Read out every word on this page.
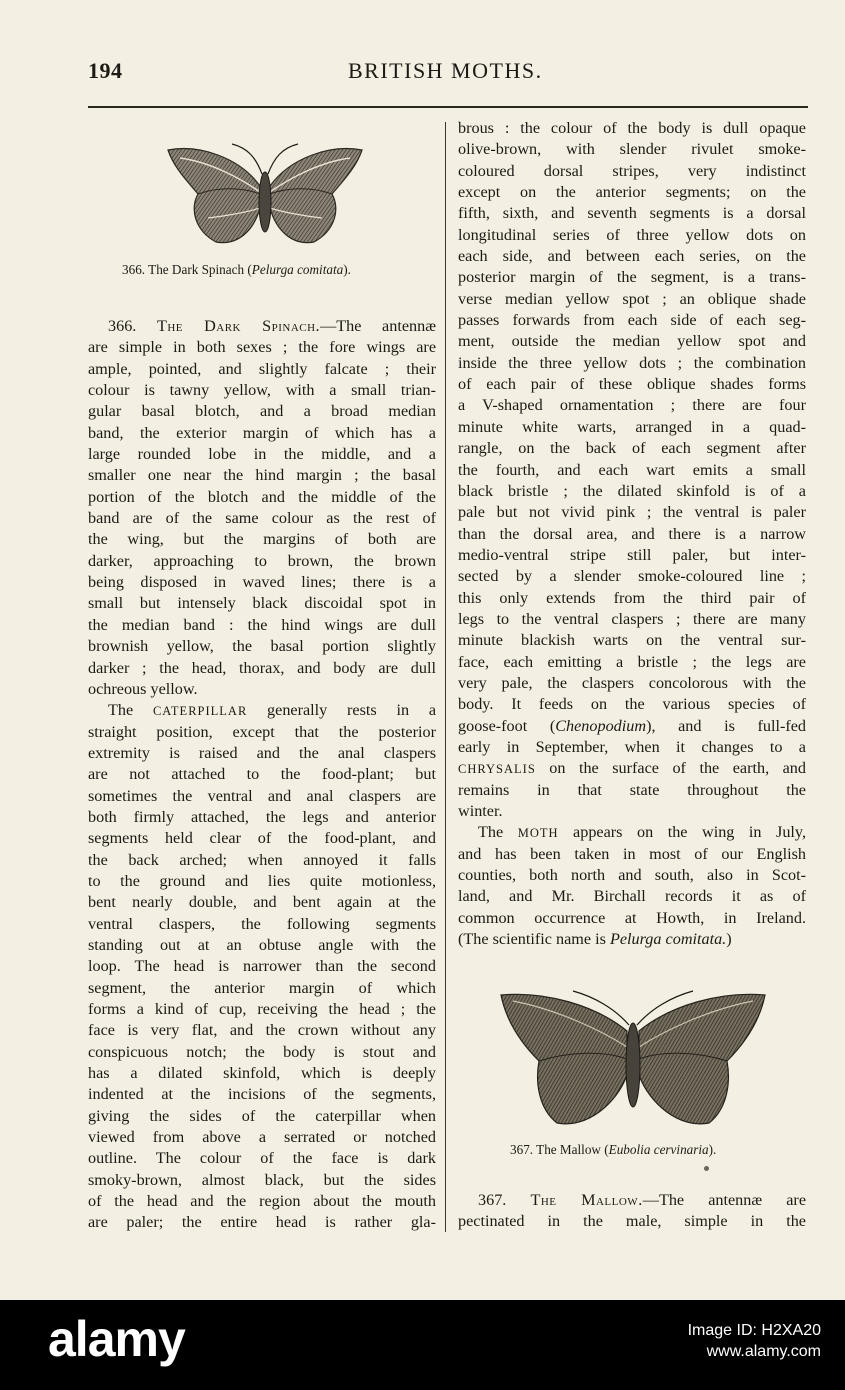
194	BRITISH MOTHS.
366. The Dark Spinach (Pelurga comitata).
366. The Dark Spinach.—The antennæ
are simple in both sexes ; the fore wings are
ample, pointed, and slightly falcate ; their
colour is tawny yellow, with a small trian-
gular basal blotch, and a broad median
band, the exterior margin of which has a
large rounded lobe in the middle, and a
smaller one near the hind margin ; the basal
portion of the blotch and the middle of the
band are of the same colour as the rest of
the wing, but the margins of both are
darker, approaching to brown, the brown
being disposed in waved lines; there is a
small but intensely black discoidal spot in
the median band : the hind wings are dull
brownish yellow, the basal portion slightly
darker ; the head, thorax, and body are dull
ochreous yellow.
The CATERPILLAR generally rests in a
straight position, except that the posterior
extremity is raised and the anal claspers
are not attached to the food-plant; but
sometimes the ventral and anal claspers are
both firmly attached, the legs and anterior
segments held clear of the food-plant, and
the back arched; when annoyed it falls
to the ground and lies quite motionless,
bent nearly double, and bent again at the
ventral claspers, the following segments
standing out at an obtuse angle with the
loop. The head is narrower than the second
segment, the anterior margin of which
forms a kind of cup, receiving the head ; the
face is very flat, and the crown without any
conspicuous notch; the body is stout and
has a dilated skinfold, which is deeply
indented at the incisions of the segments,
giving the sides of the caterpillar when
viewed from above a serrated or notched
outline. The colour of the face is dark
smoky-brown, almost black, but the sides
of the head and the region about the mouth
are paler; the entire head is rather gla-
brous : the colour of the body is dull opaque
olive-brown, with slender rivulet smoke-
coloured dorsal stripes, very indistinct
except on the anterior segments; on the
fifth, sixth, and seventh segments is a dorsal
longitudinal series of three yellow dots on
each side, and between each series, on the
posterior margin of the segment, is a trans-
verse median yellow spot ; an oblique shade
passes forwards from each side of each seg-
ment, outside the median yellow spot and
inside the three yellow dots ; the combination
of each pair of these oblique shades forms
a V-shaped ornamentation ; there are four
minute white warts, arranged in a quad-
rangle, on the back of each segment after
the fourth, and each wart emits a small
black bristle ; the dilated skinfold is of a
pale but not vivid pink ; the ventral is paler
than the dorsal area, and there is a narrow
medio-ventral stripe still paler, but inter-
sected by a slender smoke-coloured line ;
this only extends from the third pair of
legs to the ventral claspers ; there are many
minute blackish warts on the ventral sur-
face, each emitting a bristle ; the legs are
very pale, the claspers concolorous with the
body. It feeds on the various species of
goose-foot (Chenopodium), and is full-fed
early in September, when it changes to a
CHRYSALIS on the surface of the earth, and
remains in that state throughout the
winter.
The MOTH appears on the wing in July,
and has been taken in most of our English
counties, both north and south, also in Scot-
land, and Mr. Birchall records it as of
common occurrence at Howth, in Ireland.
(The scientific name is Pelurga comitata.)
367. The Mallow (Eubolia cervinaria).
367. The Mallow.—The antennæ are
pectinated in the male, simple in the
alamy	Image ID: H2XA20
www.alamy.com
